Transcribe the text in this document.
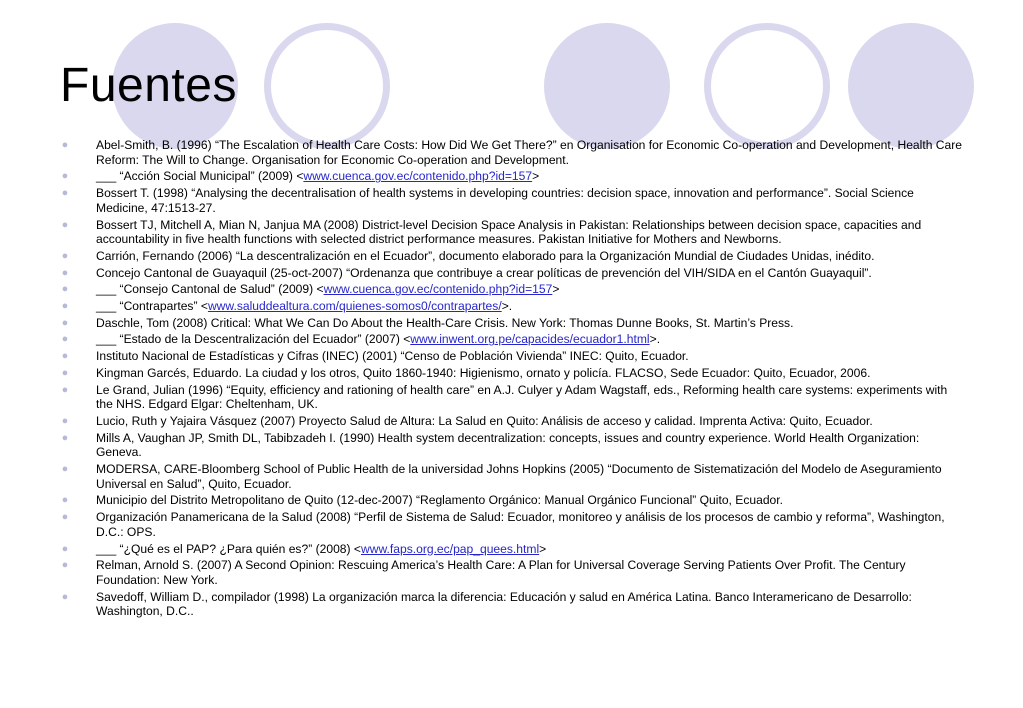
Fuentes
● Abel-Smith, B. (1996) “The Escalation of Health Care Costs: How Did We Get There?” en Organisation for Economic Co-operation and Development, Health Care Reform: The Will to Change. Organisation for Economic Co-operation and Development.
● ___ “Acción Social Municipal” (2009) <www.cuenca.gov.ec/contenido.php?id=157>
● Bossert T. (1998) “Analysing the decentralisation of health systems in developing countries: decision space, innovation and performance”. Social Science Medicine, 47:1513-27.
● Bossert TJ, Mitchell A, Mian N, Janjua MA (2008) District-level Decision Space Analysis in Pakistan: Relationships between decision space, capacities and accountability in five health functions with selected district performance measures. Pakistan Initiative for Mothers and Newborns.
● Carrión, Fernando (2006) “La descentralización en el Ecuador”, documento elaborado para la Organización Mundial de Ciudades Unidas, inédito.
● Concejo Cantonal de Guayaquil (25-oct-2007) “Ordenanza que contribuye a crear políticas de prevención del VIH/SIDA en el Cantón Guayaquil”.
● ___ “Consejo Cantonal de Salud” (2009) <www.cuenca.gov.ec/contenido.php?id=157>
● ___ “Contrapartes” <www.saluddealtura.com/quienes-somos0/contrapartes/>.
● Daschle, Tom (2008) Critical: What We Can Do About the Health-Care Crisis. New York: Thomas Dunne Books, St. Martin’s Press.
● ___ “Estado de la Descentralización del Ecuador” (2007) <www.inwent.org.pe/capacides/ecuador1.html>.
● Instituto Nacional de Estadísticas y Cifras (INEC) (2001) “Censo de Población Vivienda” INEC: Quito, Ecuador.
● Kingman Garcés, Eduardo. La ciudad y los otros, Quito 1860-1940: Higienismo, ornato y policía. FLACSO, Sede Ecuador: Quito, Ecuador, 2006.
● Le Grand, Julian (1996) “Equity, efficiency and rationing of health care” en A.J. Culyer y Adam Wagstaff, eds., Reforming health care systems: experiments with the NHS. Edgard Elgar: Cheltenham, UK.
● Lucio, Ruth y Yajaira Vásquez (2007) Proyecto Salud de Altura: La Salud en Quito: Análisis de acceso y calidad. Imprenta Activa: Quito, Ecuador.
● Mills A, Vaughan JP, Smith DL, Tabibzadeh I. (1990) Health system decentralization: concepts, issues and country experience. World Health Organization: Geneva.
● MODERSA, CARE-Bloomberg School of Public Health de la universidad Johns Hopkins (2005) “Documento de Sistematización del Modelo de Aseguramiento Universal en Salud”, Quito, Ecuador.
● Municipio del Distrito Metropolitano de Quito (12-dec-2007) “Reglamento Orgánico: Manual Orgánico Funcional” Quito, Ecuador.
● Organización Panamericana de la Salud (2008) “Perfil de Sistema de Salud: Ecuador, monitoreo y análisis de los procesos de cambio y reforma”, Washington, D.C.: OPS.
● ___ “¿Qué es el PAP? ¿Para quién es?” (2008) <www.faps.org.ec/pap_quees.html>
● Relman, Arnold S. (2007) A Second Opinion: Rescuing America’s Health Care: A Plan for Universal Coverage Serving Patients Over Profit. The Century Foundation: New York.
● Savedoff, William D., compilador (1998) La organización marca la diferencia: Educación y salud en América Latina. Banco Interamericano de Desarrollo: Washington, D.C..
